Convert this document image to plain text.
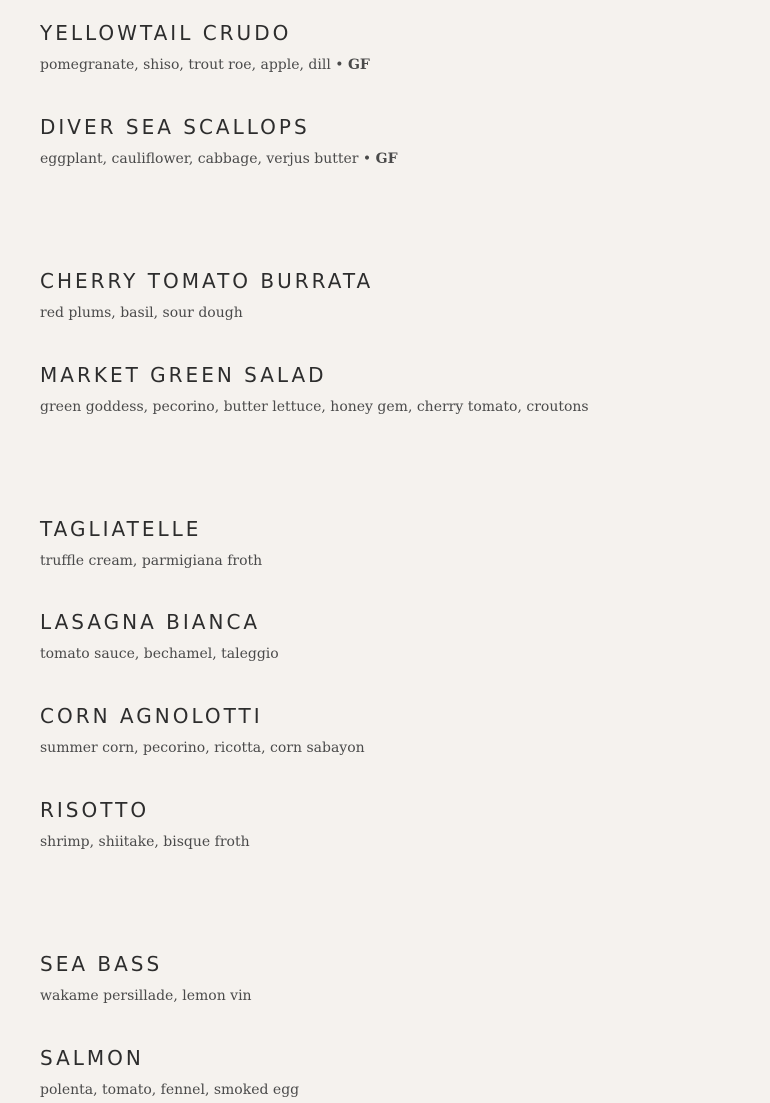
YELLOWTAIL CRUDO
pomegranate, shiso, trout roe, apple, dill • GF
DIVER SEA SCALLOPS
eggplant, cauliflower, cabbage, verjus butter • GF
CHERRY TOMATO BURRATA
red plums, basil, sour dough
MARKET GREEN SALAD
green goddess, pecorino, butter lettuce, honey gem, cherry tomato, croutons
TAGLIATELLE
truffle cream, parmigiana froth
LASAGNA BIANCA
tomato sauce, bechamel, taleggio
CORN AGNOLOTTI
summer corn, pecorino, ricotta, corn sabayon
RISOTTO
shrimp, shiitake, bisque froth
SEA BASS
wakame persillade, lemon vin
SALMON
polenta, tomato, fennel, smoked egg
